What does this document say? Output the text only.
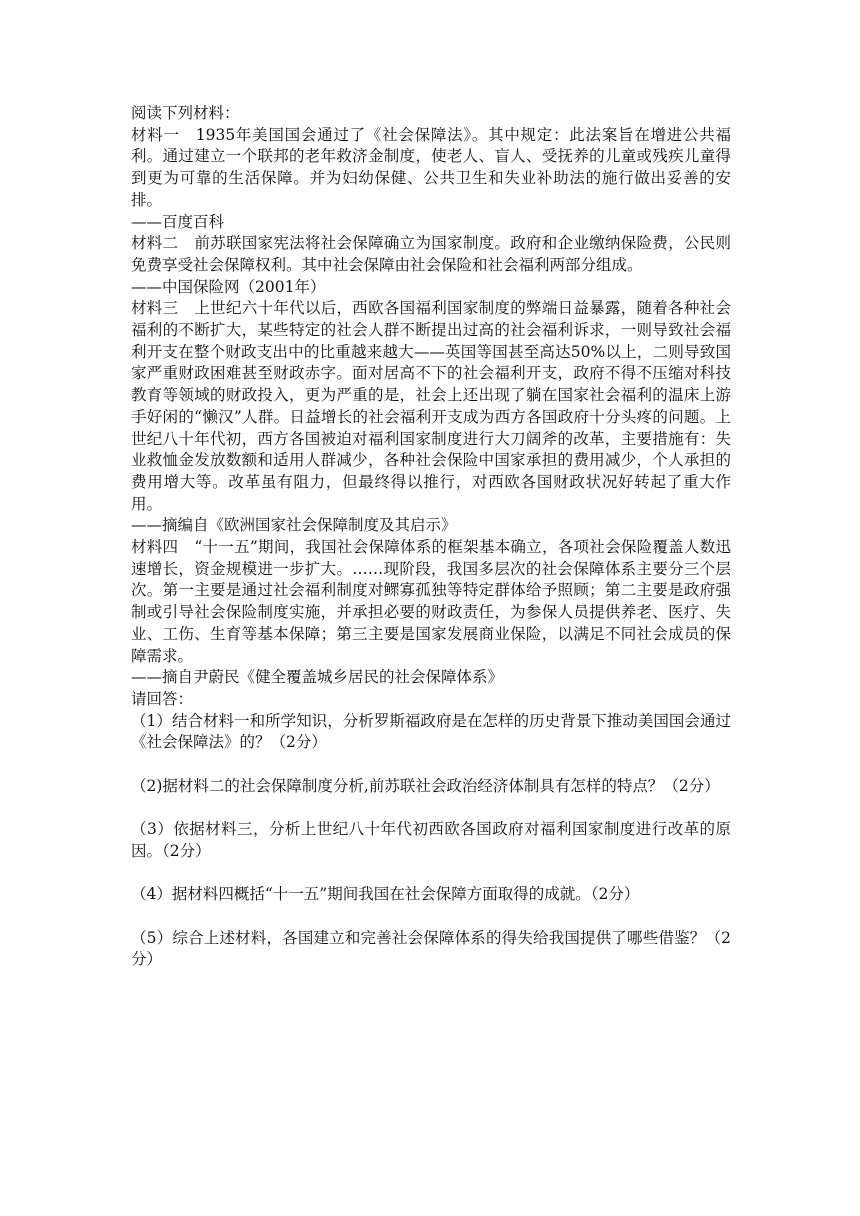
阅读下列材料：

材料一 1935年美国国会通过了《社会保障法》。其中规定：此法案旨在增进公共福利。通过建立一个联邦的老年救济金制度，使老人、盲人、受抚养的儿童或残疾儿童得到更为可靠的生活保障。并为妇幼保健、公共卫生和失业补助法的施行做出妥善的安排。

——百度百科

材料二 前苏联国家宪法将社会保障确立为国家制度。政府和企业缴纳保险费，公民则免费享受社会保障权利。其中社会保障由社会保险和社会福利两部分组成。

——中国保险网（2001年）

材料三 上世纪六十年代以后，西欧各国福利国家制度的弊端日益暴露，随着各种社会福利的不断扩大，某些特定的社会人群不断提出过高的社会福利诉求，一则导致社会福利开支在整个财政支出中的比重越来越大——英国等国甚至高达50%以上，二则导致国家严重财政困难甚至财政赤字。面对居高不下的社会福利开支，政府不得不压缩对科技教育等领域的财政投入，更为严重的是，社会上还出现了躺在国家社会福利的温床上游手好闲的“懒汉”人群。日益增长的社会福利开支成为西方各国政府十分头疼的问题。上世纪八十年代初，西方各国被迫对福利国家制度进行大刀阔斧的改革，主要措施有：失业救恤金发放数额和适用人群减少，各种社会保险中国家承担的费用减少，个人承担的费用增大等。改革虽有阻力，但最终得以推行，对西欧各国财政状况好转起了重大作用。

——摘编自《欧洲国家社会保障制度及其启示》

材料四 “十一五”期间，我国社会保障体系的框架基本确立，各项社会保险覆盖人数迅速增长，资金规模进一步扩大。……现阶段，我国多层次的社会保障体系主要分三个层次。第一主要是通过社会福利制度对鳏寡孤独等特定群体给予照顾；第二主要是政府强制或引导社会保险制度实施，并承担必要的财政责任，为参保人员提供养老、医疗、失业、工伤、生育等基本保障；第三主要是国家发展商业保险，以满足不同社会成员的保障需求。

——摘自尹蔚民《健全覆盖城乡居民的社会保障体系》

请回答：

（1）结合材料一和所学知识，分析罗斯福政府是在怎样的历史背景下推动美国国会通过《社会保障法》的？（2分）

（2)据材料二的社会保障制度分析,前苏联社会政治经济体制具有怎样的特点？（2分）

（3）依据材料三，分析上世纪八十年代初西欧各国政府对福利国家制度进行改革的原因。（2分）

（4）据材料四概括“十一五”期间我国在社会保障方面取得的成就。（2分）

（5）综合上述材料，各国建立和完善社会保障体系的得失给我国提供了哪些借鉴？（2分）
